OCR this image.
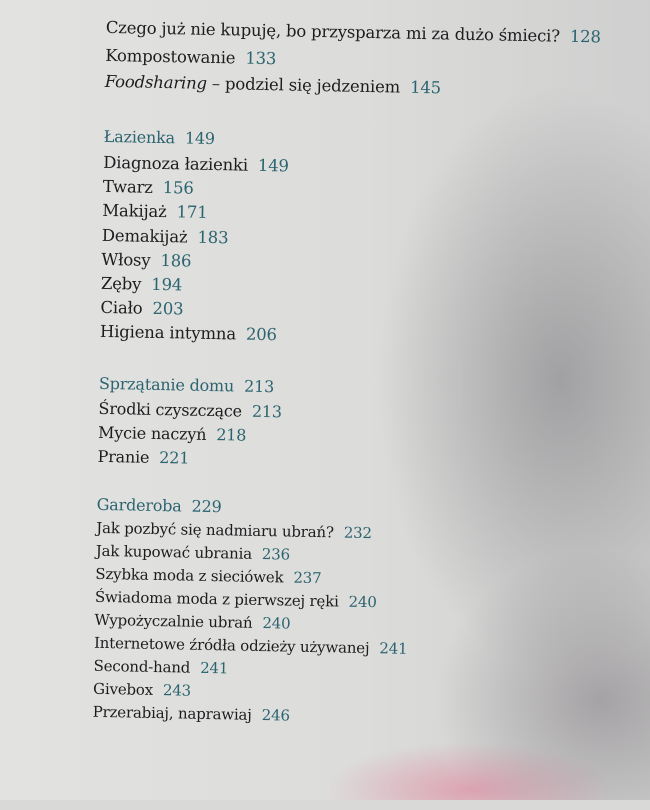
Czego już nie kupuję, bo przysparza mi za dużo śmieci? 128
Kompostowanie 133
Foodsharing – podziel się jedzeniem 145
Łazienka 149
Diagnoza łazienki 149
Twarz 156
Makijaż 171
Demakijaż 183
Włosy 186
Zęby 194
Ciało 203
Higiena intymna 206
Sprzątanie domu 213
Środki czyszczące 213
Mycie naczyń 218
Pranie 221
Garderoba 229
Jak pozbyć się nadmiaru ubrań? 232
Jak kupować ubrania 236
Szybka moda z sieciówek 237
Świadoma moda z pierwszej ręki 240
Wypożyczalnie ubrań 240
Internetowe źródła odzieży używanej 241
Second-hand 241
Givebox 243
Przerabiaj, naprawiaj 246
